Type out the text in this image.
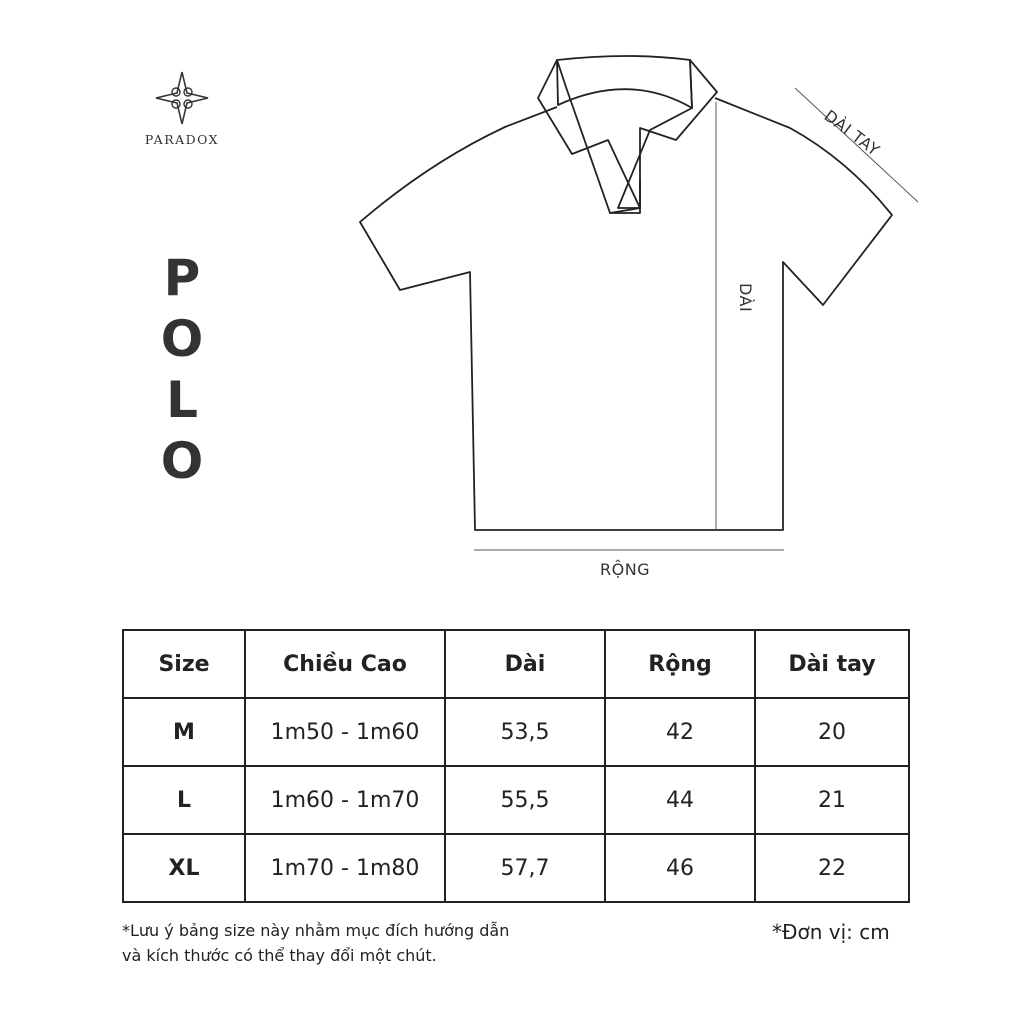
PARADOX
P
O
L
O
RỘNG
DÀI
DÀI TAY
Size	Chiều Cao	Dài	Rộng	Dài tay
M	1m50 - 1m60	53,5	42	20
L	1m60 - 1m70	55,5	44	21
XL	1m70 - 1m80	57,7	46	22
*Lưu ý bảng size này nhằm mục đích hướng dẫn
và kích thước có thể thay đổi một chút.
*Đơn vị: cm
